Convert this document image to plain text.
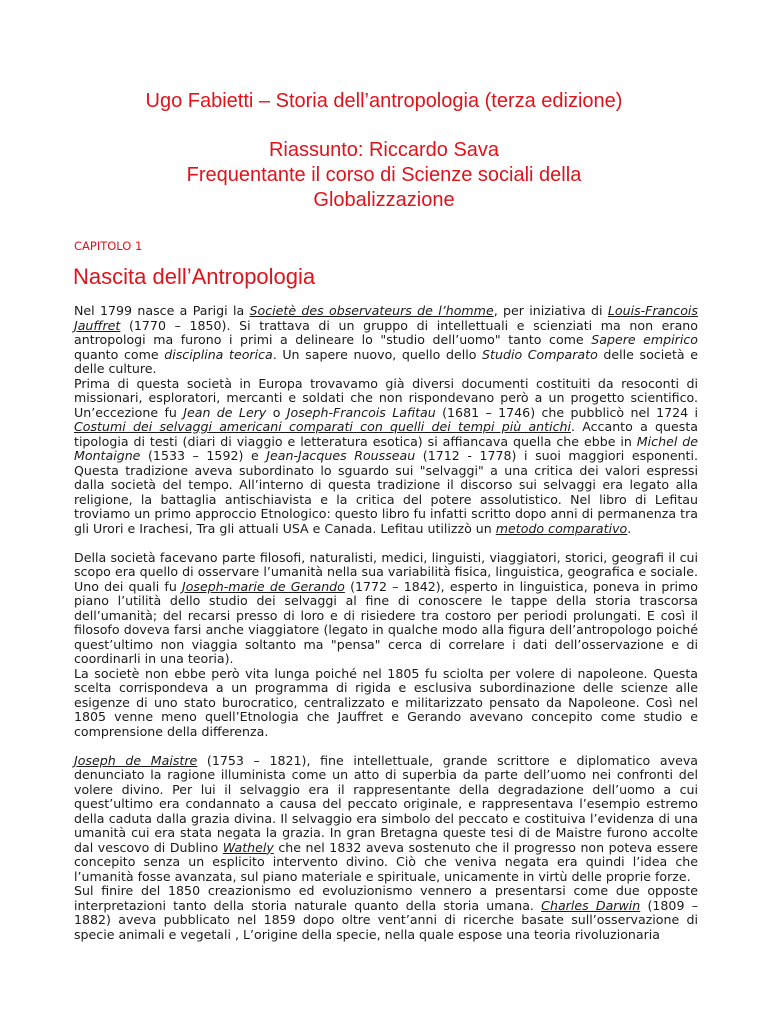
Ugo Fabietti – Storia dell’antropologia (terza edizione)
Riassunto: Riccardo Sava
Frequentante il corso di Scienze sociali della
Globalizzazione
CAPITOLO 1
Nascita dell’Antropologia

Nel 1799 nasce a Parigi la Societè des observateurs de l’homme, per iniziativa di Louis-Francois Jauffret (1770 – 1850). Si trattava di un gruppo di intellettuali e scienziati ma non erano antropologi ma furono i primi a delineare lo "studio dell’uomo" tanto come Sapere empirico quanto come disciplina teorica. Un sapere nuovo, quello dello Studio Comparato delle società e delle culture.

Prima di questa società in Europa trovavamo già diversi documenti costituiti da resoconti di missionari, esploratori, mercanti e soldati che non rispondevano però a un progetto scientifico. Un’eccezione fu Jean de Lery o Joseph-Francois Lafitau (1681 – 1746) che pubblicò nel 1724 i Costumi dei selvaggi americani comparati con quelli dei tempi più antichi. Accanto a questa tipologia di testi (diari di viaggio e letteratura esotica) si affiancava quella che ebbe in Michel de Montaigne (1533 – 1592) e Jean-Jacques Rousseau (1712 - 1778) i suoi maggiori esponenti. Questa tradizione aveva subordinato lo sguardo sui "selvaggi" a una critica dei valori espressi dalla società del tempo. All’interno di questa tradizione il discorso sui selvaggi era legato alla religione, la battaglia antischiavista e la critica del potere assolutistico. Nel libro di Lefitau troviamo un primo approccio Etnologico: questo libro fu infatti scritto dopo anni di permanenza tra gli Urori e Irachesi, Tra gli attuali USA e Canada. Lefitau utilizzò un metodo comparativo.

Della società facevano parte filosofi, naturalisti, medici, linguisti, viaggiatori, storici, geografi il cui scopo era quello di osservare l’umanità nella sua variabilità fisica, linguistica, geografica e sociale. Uno dei quali fu Joseph-marie de Gerando (1772 – 1842), esperto in linguistica, poneva in primo piano l’utilità dello studio dei selvaggi al fine di conoscere le tappe della storia trascorsa dell’umanità; del recarsi presso di loro e di risiedere tra costoro per periodi prolungati. E così il filosofo doveva farsi anche viaggiatore (legato in qualche modo alla figura dell’antropologo poiché quest’ultimo non viaggia soltanto ma "pensa" cerca di correlare i dati dell’osservazione e di coordinarli in una teoria).

La societè non ebbe però vita lunga poiché nel 1805 fu sciolta per volere di napoleone. Questa scelta corrispondeva a un programma di rigida e esclusiva subordinazione delle scienze alle esigenze di uno stato burocratico, centralizzato e militarizzato pensato da Napoleone. Così nel 1805 venne meno quell’Etnologia che Jauffret e Gerando avevano concepito come studio e comprensione della differenza.

Joseph de Maistre (1753 – 1821), fine intellettuale, grande scrittore e diplomatico aveva denunciato la ragione illuminista come un atto di superbia da parte dell’uomo nei confronti del volere divino. Per lui il selvaggio era il rappresentante della degradazione dell’uomo a cui quest’ultimo era condannato a causa del peccato originale, e rappresentava l’esempio estremo della caduta dalla grazia divina. Il selvaggio era simbolo del peccato e costituiva l’evidenza di una umanità cui era stata negata la grazia. In gran Bretagna queste tesi di de Maistre furono accolte dal vescovo di Dublino Wathely che nel 1832 aveva sostenuto che il progresso non poteva essere concepito senza un esplicito intervento divino. Ciò che veniva negata era quindi l’idea che l’umanità fosse avanzata, sul piano materiale e spirituale, unicamente in virtù delle proprie forze.

Sul finire del 1850 creazionismo ed evoluzionismo vennero a presentarsi come due opposte interpretazioni tanto della storia naturale quanto della storia umana. Charles Darwin (1809 – 1882) aveva pubblicato nel 1859 dopo oltre vent’anni di ricerche basate sull’osservazione di specie animali e vegetali , L’origine della specie, nella quale espose una teoria rivoluzionaria
